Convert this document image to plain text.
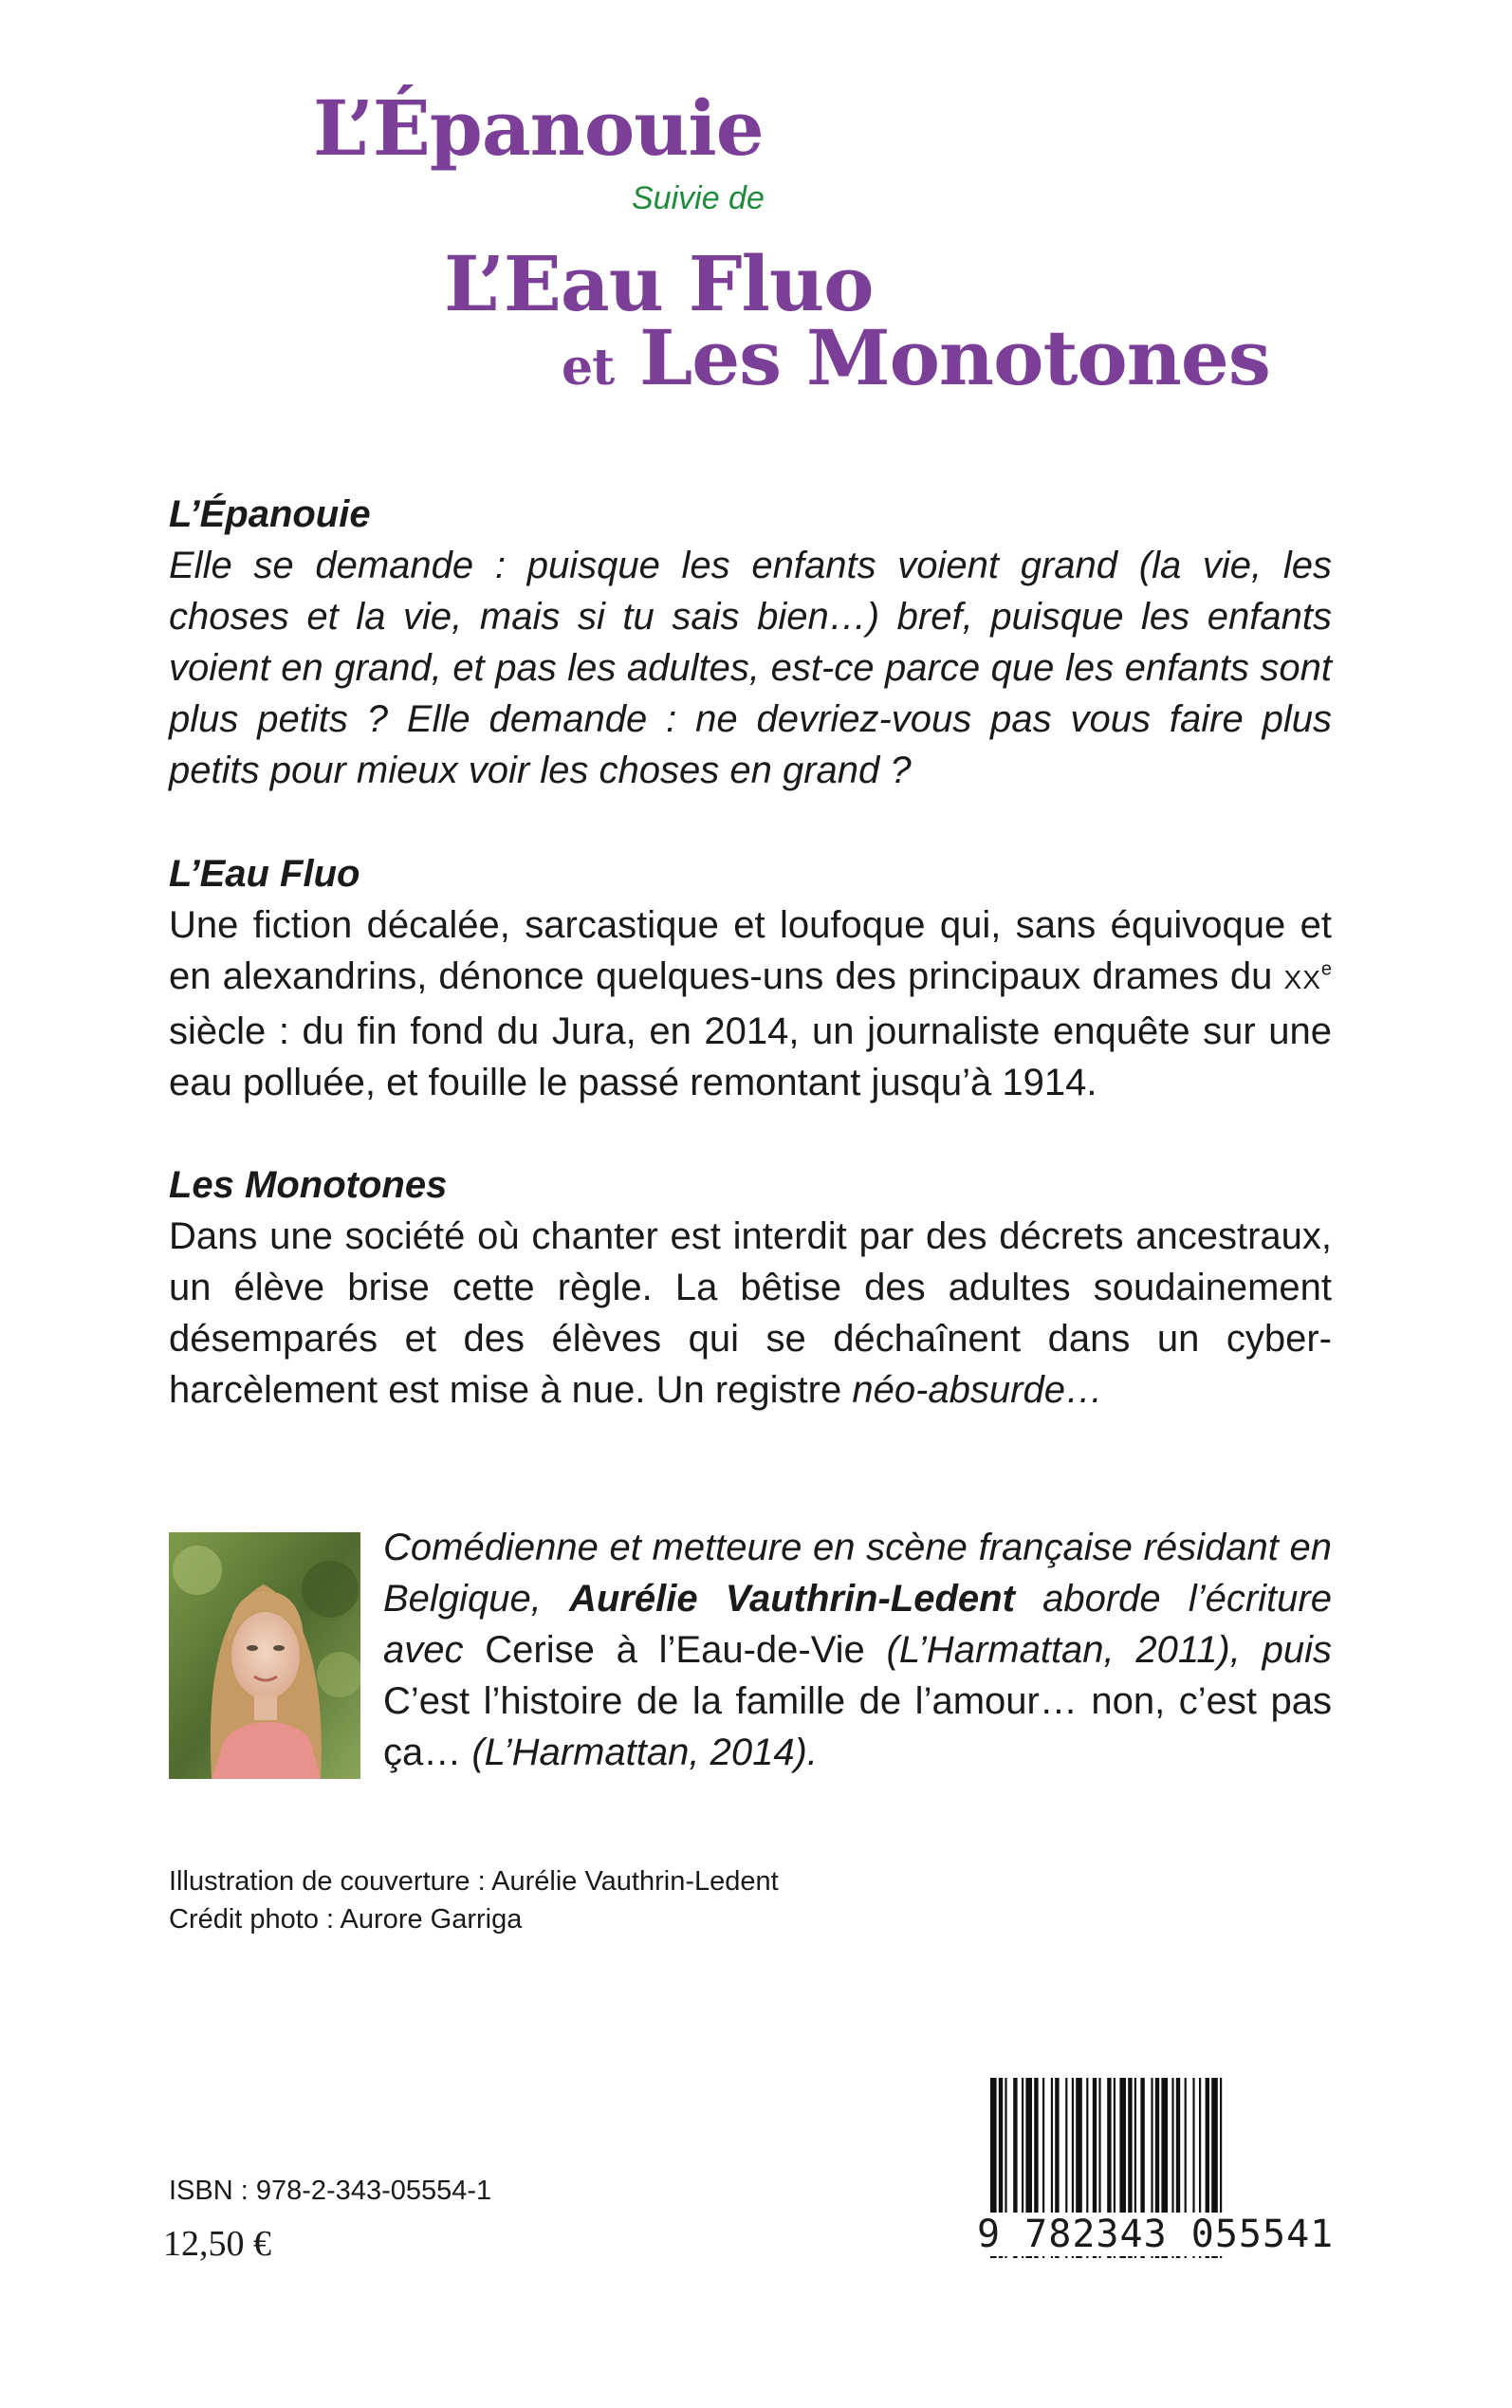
L’Épanouie
Suivie de
L’Eau Fluo
et Les Monotones
L’Épanouie

Elle se demande : puisque les enfants voient grand (la vie, les choses et la vie, mais si tu sais bien…) bref, puisque les enfants voient en grand, et pas les adultes, est-ce parce que les enfants sont plus petits ? Elle demande : ne devriez-vous pas vous faire plus petits pour mieux voir les choses en grand ?

L’Eau Fluo

Une fiction décalée, sarcastique et loufoque qui, sans équivoque et en alexandrins, dénonce quelques-uns des principaux drames du XXe siècle : du fin fond du Jura, en 2014, un journaliste enquête sur une eau polluée, et fouille le passé remontant jusqu’à 1914.

Les Monotones

Dans une société où chanter est interdit par des décrets ancestraux, un élève brise cette règle. La bêtise des adultes soudainement désemparés et des élèves qui se déchaînent dans un cyber-harcèlement est mise à nue. Un registre néo-absurde…

Comédienne et metteure en scène française résidant en Belgique, Aurélie Vauthrin-Ledent aborde l’écriture avec Cerise à l’Eau-de-Vie (L’Harmattan, 2011), puis C’est l’histoire de la famille de l’amour… non, c’est pas ça… (L’Harmattan, 2014).

Illustration de couverture : Aurélie Vauthrin-Ledent
Crédit photo : Aurore Garriga
ISBN : 978-2-343-05554-1
12,50 €	9 782343 055541
